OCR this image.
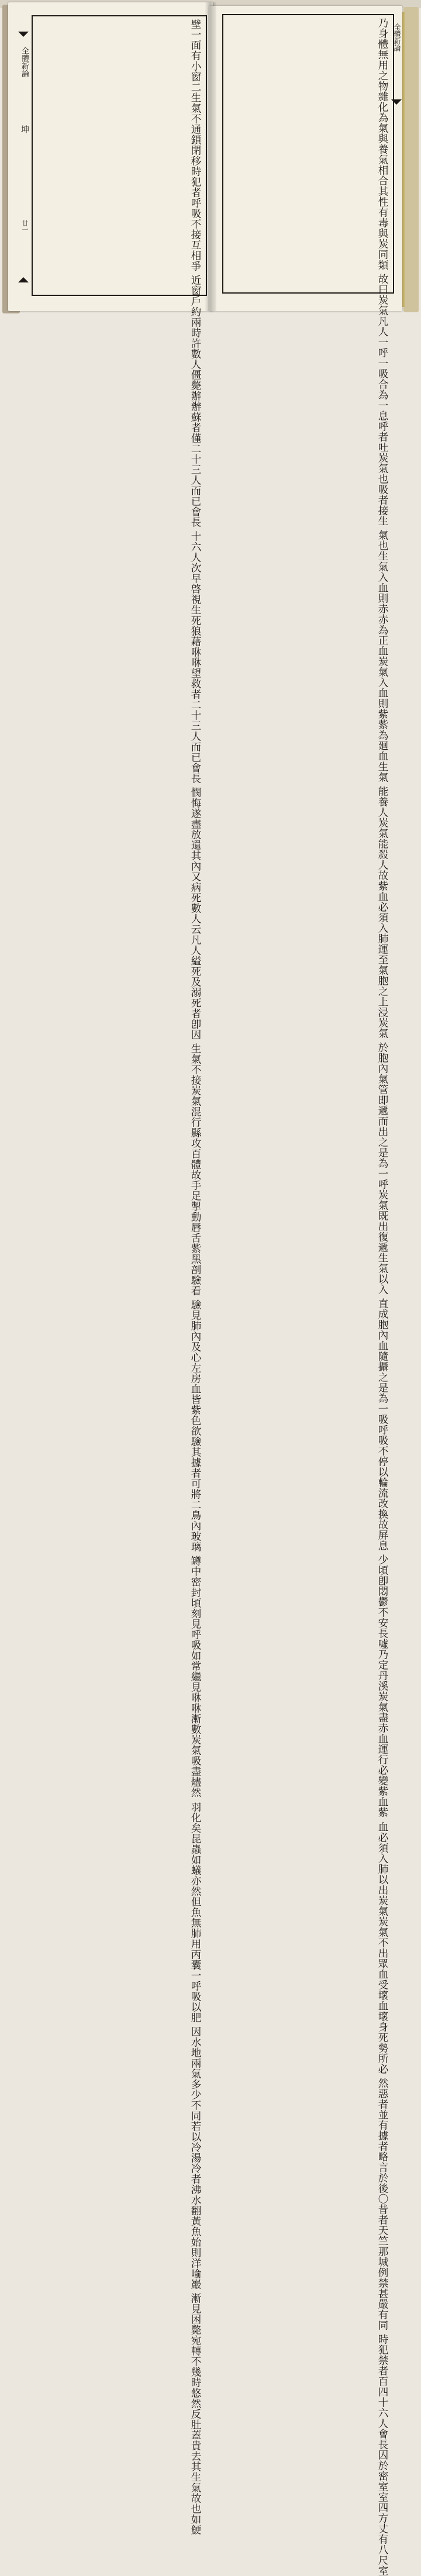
全體新論
坤
廿一	壁一面有小窗二生氣不通鎖閉移時犯者呼吸不接互相爭 近窗戶約兩時許數人僵斃辦辦蘇者僅二十三人而已會長 十六人次早啓視生死狼藉咻咻望救者二十三人而已會長 憫悔遂盡放還其內又病死數人云凡人縊死及溺死者卽因 生氣不接炭氣混行縣攻百體故手足掣動唇舌紫黑剖驗看 驗見肺內及心左房血皆紫色欲驗其據者可將二鳥內玻璃 罇中密封頃刻見呼吸如常繼見咻咻漸數炭氣吸盡燼然 羽化矣昆蟲如蟻亦然但魚無肺用丙囊一呼吸以肥 因水地兩氣多少不同若以冷湯冷者沸水翻黃魚始則洋喻巖 漸見困斃宛轉不幾時悠然反肚蓋貴去其生氣故也如鯁
乃身體無用之物雜化為氣與養氣相合其性有毒與炭同類 故曰炭氣凡人一呼一吸合為一息呼者吐炭氣也吸者接生 氣也生氣入血則赤赤為正血炭氣入血則紫紫為廻血生氣 能養人炭氣能殺人故紫血必須入肺運至氣胞之上浸炭氣 於胞內氣管即遞而出之是為一呼炭氣既出復遞生氣以入 直成胞內血隨攝之是為一吸呼吸不停以輪流改換故屏息 少頃卽悶鬱不安長噓乃定丹溪炭氣盡赤血運行必變紫血紫 血必須入肺以出炭氣炭氣不出眾血受壞血壞身死勢所必 然惡者並有據者略言於後〇昔者天竺那城例禁甚嚴有同 時犯禁者百四十六人會長囚於密室室四方丈有八尺室
全體新論
